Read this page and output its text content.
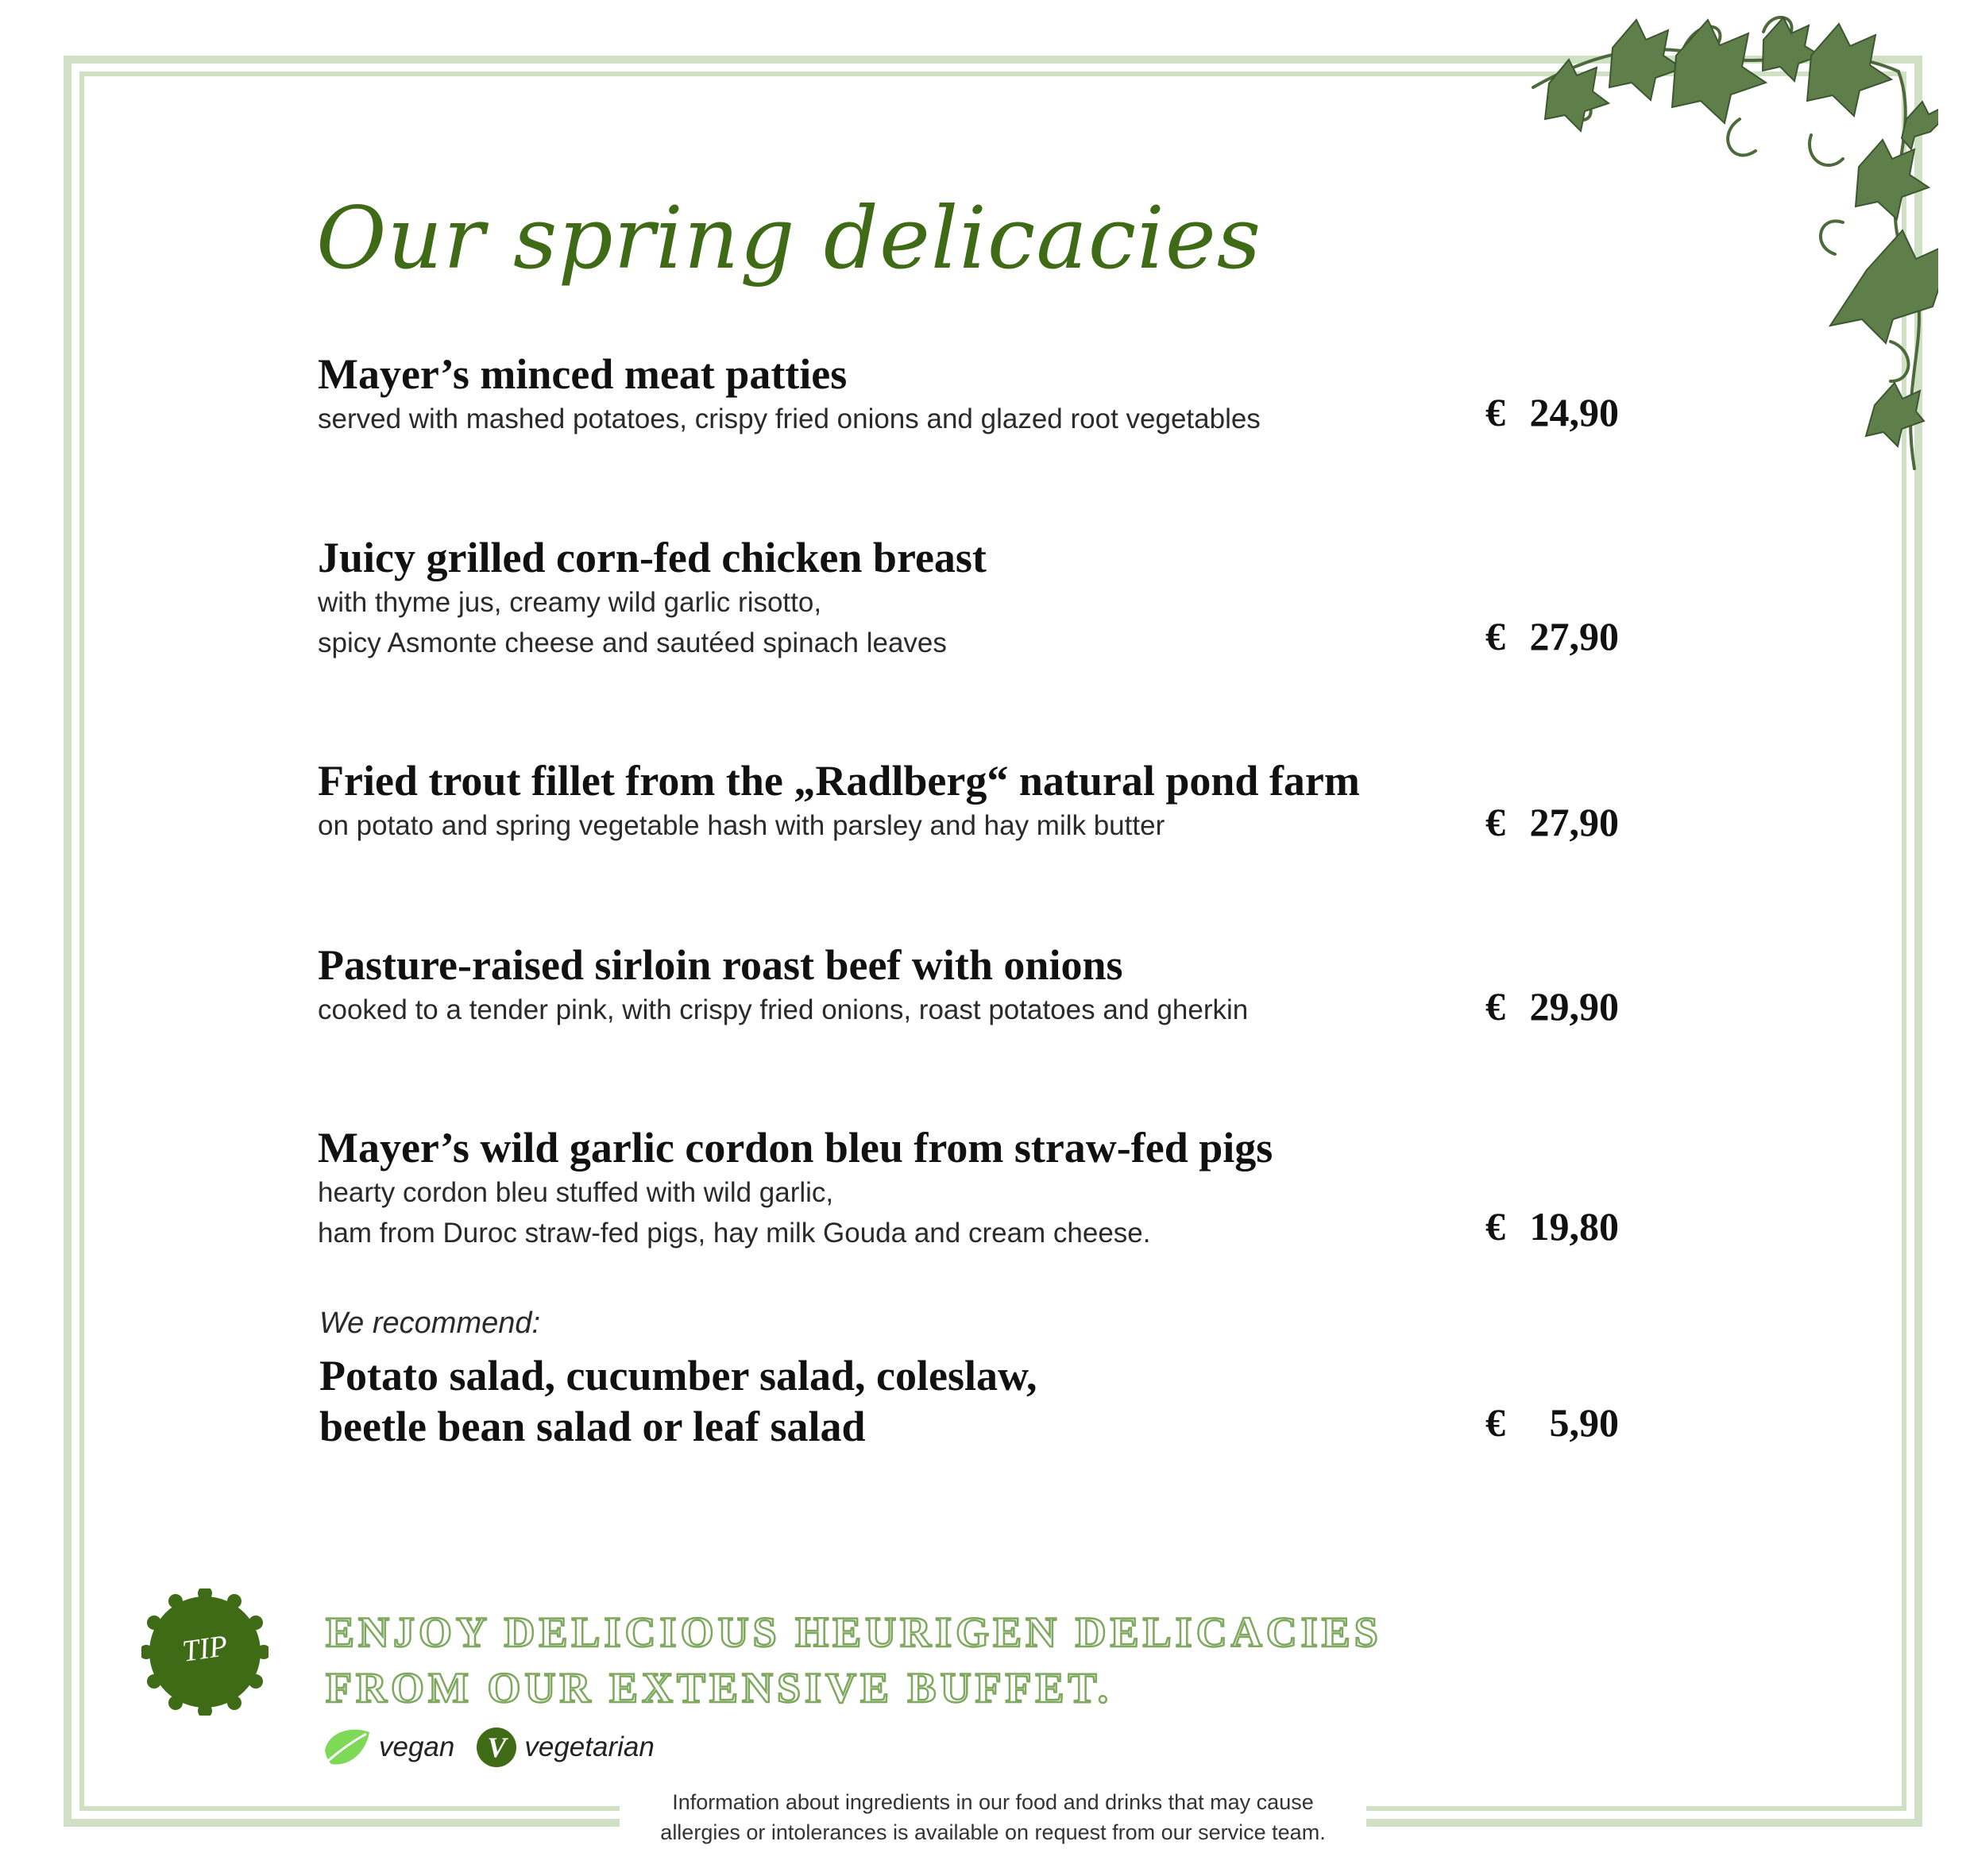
Our spring delicacies
Mayer’s minced meat patties
served with mashed potatoes, crispy fried onions and glazed root vegetables	€ 24,90
Juicy grilled corn-fed chicken breast
with thyme jus, creamy wild garlic risotto,
spicy Asmonte cheese and sautéed spinach leaves	€ 27,90
Fried trout fillet from the „Radlberg“ natural pond farm
on potato and spring vegetable hash with parsley and hay milk butter	€ 27,90
Pasture-raised sirloin roast beef with onions
cooked to a tender pink, with crispy fried onions, roast potatoes and gherkin	€ 29,90
Mayer’s wild garlic cordon bleu from straw-fed pigs
hearty cordon bleu stuffed with wild garlic,
ham from Duroc straw-fed pigs, hay milk Gouda and cream cheese.	€ 19,80
We recommend:
Potato salad, cucumber salad, coleslaw,
beetle bean salad or leaf salad	€ 5,90
TIP	ENJOY DELICIOUS HEURIGEN DELICACIES
FROM OUR EXTENSIVE BUFFET.
vegan	V vegetarian
Information about ingredients in our food and drinks that may cause
allergies or intolerances is available on request from our service team.
